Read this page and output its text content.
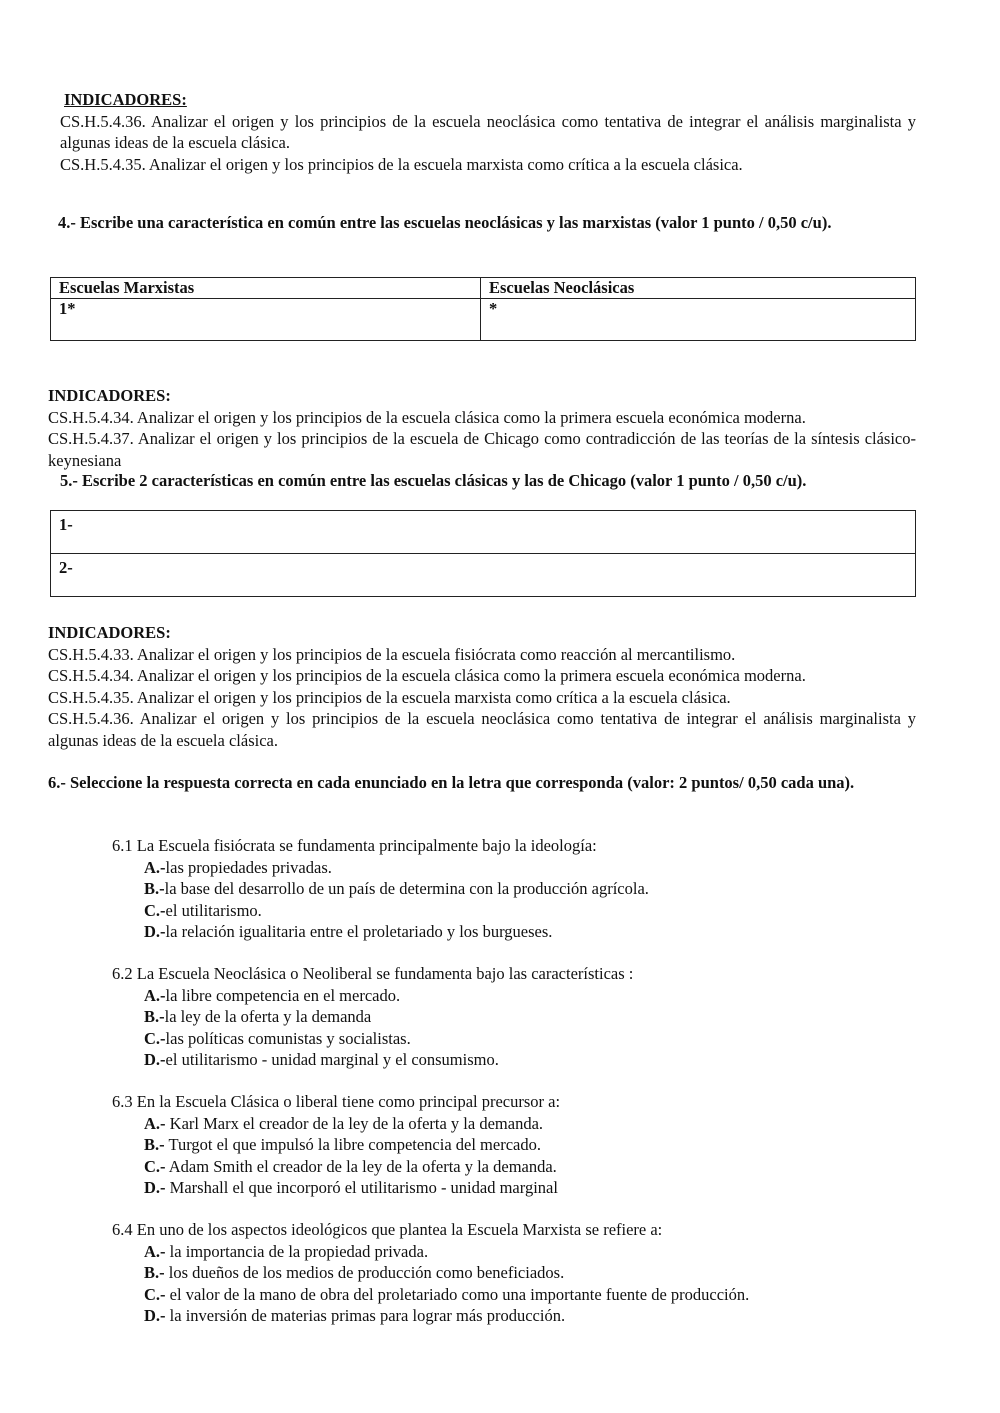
INDICADORES:

CS.H.5.4.36. Analizar el origen y los principios de la escuela neoclásica como tentativa de integrar el análisis marginalista y algunas ideas de la escuela clásica.

CS.H.5.4.35. Analizar el origen y los principios de la escuela marxista como crítica a la escuela clásica.

4.- Escribe una característica en común entre las escuelas neoclásicas y las marxistas (valor 1 punto / 0,50 c/u).
Escuelas Marxistas	Escuelas Neoclásicas
1*	*

INDICADORES:

CS.H.5.4.34. Analizar el origen y los principios de la escuela clásica como la primera escuela económica moderna.

CS.H.5.4.37. Analizar el origen y los principios de la escuela de Chicago como contradicción de las teorías de la síntesis clásico-keynesiana

5.- Escribe 2 características en común entre las escuelas clásicas y las de Chicago (valor 1 punto / 0,50 c/u).
1-
2-

INDICADORES:

CS.H.5.4.33. Analizar el origen y los principios de la escuela fisiócrata como reacción al mercantilismo.

CS.H.5.4.34. Analizar el origen y los principios de la escuela clásica como la primera escuela económica moderna.

CS.H.5.4.35. Analizar el origen y los principios de la escuela marxista como crítica a la escuela clásica.

CS.H.5.4.36. Analizar el origen y los principios de la escuela neoclásica como tentativa de integrar el análisis marginalista y algunas ideas de la escuela clásica.

6.- Seleccione la respuesta correcta en cada enunciado en la letra que corresponda (valor: 2 puntos/ 0,50 cada una).

6.1 La Escuela fisiócrata se fundamenta principalmente bajo la ideología:

A.-las propiedades privadas.

B.-la base del desarrollo de un país de determina con la producción agrícola.

C.-el utilitarismo.

D.-la relación igualitaria entre el proletariado y los burgueses.

6.2 La Escuela Neoclásica o Neoliberal se fundamenta bajo las características :

A.-la libre competencia en el mercado.

B.-la ley de la oferta y la demanda

C.-las políticas comunistas y socialistas.

D.-el utilitarismo - unidad marginal y el consumismo.

6.3 En la Escuela Clásica o liberal tiene como principal precursor a:

A.- Karl Marx el creador de la ley de la oferta y la demanda.

B.- Turgot el que impulsó la libre competencia del mercado.

C.- Adam Smith el creador de la ley de la oferta y la demanda.

D.- Marshall el que incorporó el utilitarismo - unidad marginal

6.4 En uno de los aspectos ideológicos que plantea la Escuela Marxista se refiere a:

A.- la importancia de la propiedad privada.

B.- los dueños de los medios de producción como beneficiados.

C.- el valor de la mano de obra del proletariado como una importante fuente de producción.

D.- la inversión de materias primas para lograr más producción.
